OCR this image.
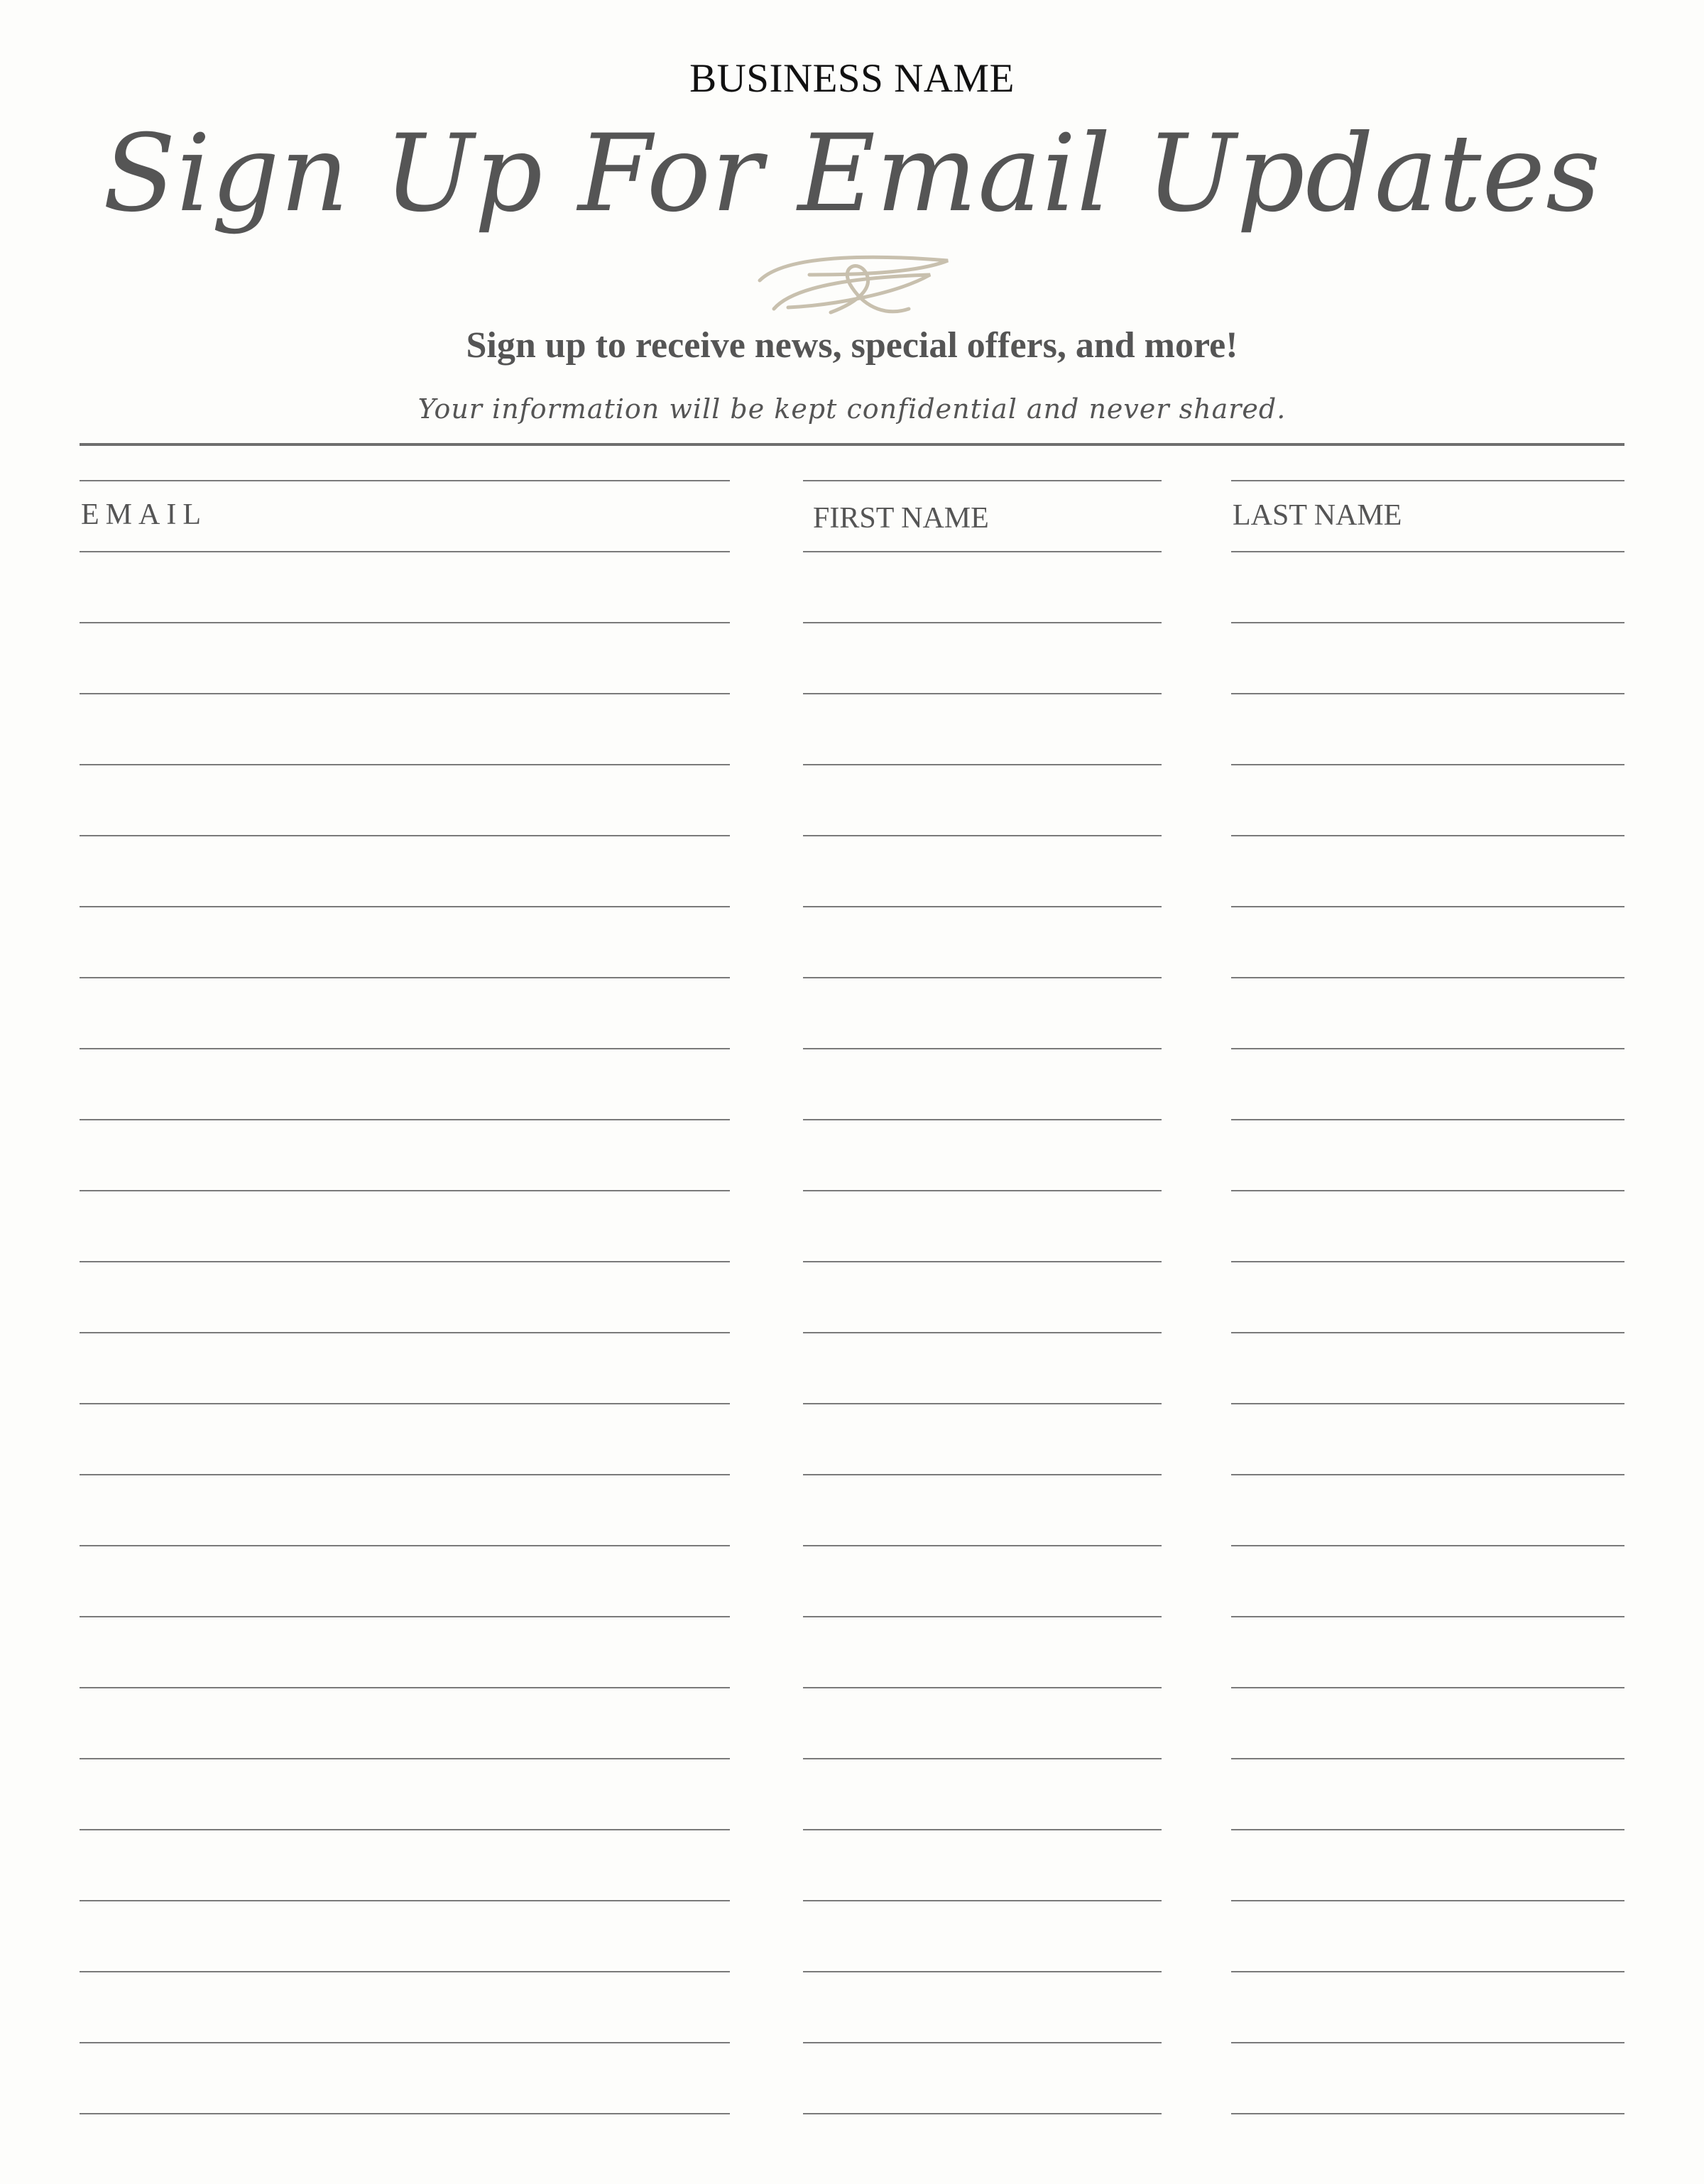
BUSINESS NAME
Sign Up For Email Updates
Sign up to receive news, special offers, and more!
Your information will be kept confidential and never shared.
EMAIL	FIRST NAME	LAST NAME
